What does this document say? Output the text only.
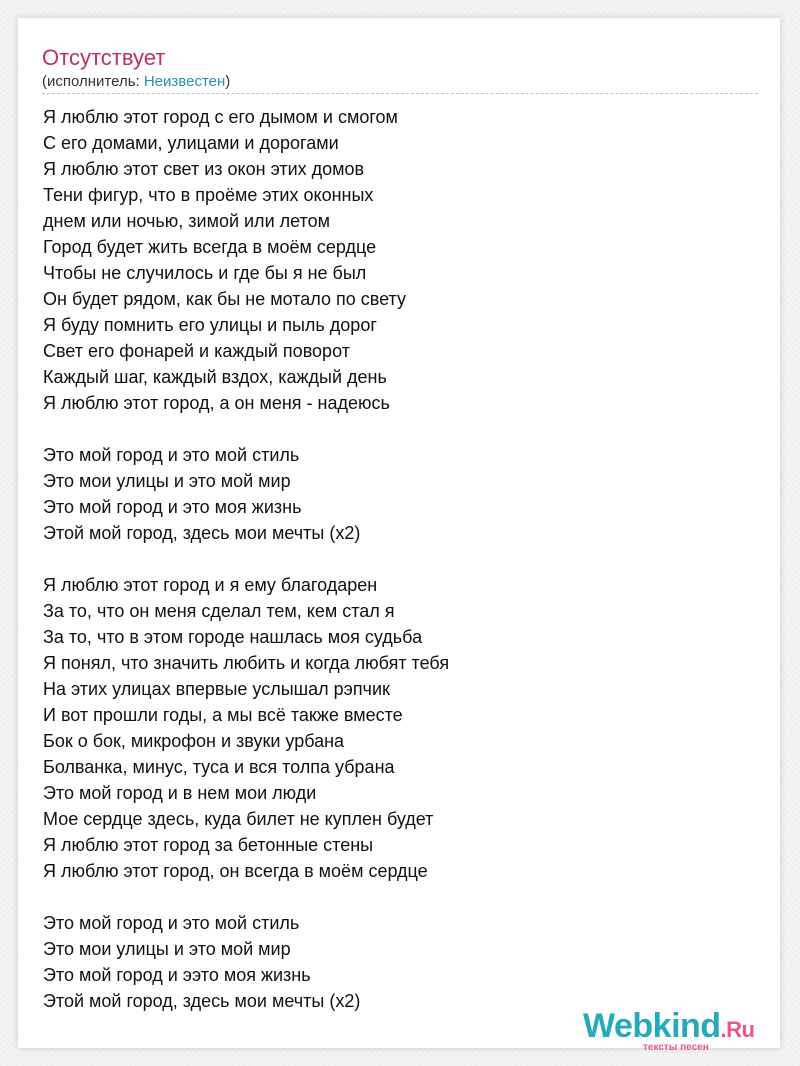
Отсутствует
(исполнитель: Неизвестен)
Я люблю этот город с его дымом и смогом
С его домами, улицами и дорогами
Я люблю этот свет из окон этих домов
Тени фигур, что в проёме этих оконных
днем или ночью, зимой или летом
Город будет жить всегда в моём сердце
Чтобы не случилось и где бы я не был
Он будет рядом, как бы не мотало по свету
Я буду помнить его улицы и пыль дорог
Свет его фонарей и каждый поворот
Каждый шаг, каждый вздох, каждый день
Я люблю этот город, а он меня - надеюсь
Это мой город и это мой стиль
Это мои улицы и это мой мир
Это мой город и это моя жизнь
Этой мой город, здесь мои мечты (x2)
Я люблю этот город и я ему благодарен
За то, что он меня сделал тем, кем стал я
За то, что в этом городе нашлась моя судьба
Я понял, что значить любить и когда любят тебя
На этих улицах впервые услышал рэпчик
И вот прошли годы, а мы всё также вместе
Бок о бок, микрофон и звуки урбана
Болванка, минус, туса и вся толпа убрана
Это мой город и в нем мои люди
Мое сердце здесь, куда билет не куплен будет
Я люблю этот город за бетонные стены
Я люблю этот город, он всегда в моём сердце
Это мой город и это мой стиль
Это мои улицы и это мой мир
Это мой город и ээто моя жизнь
Этой мой город, здесь мои мечты (x2)
Webkind.Ru
тексты песен
